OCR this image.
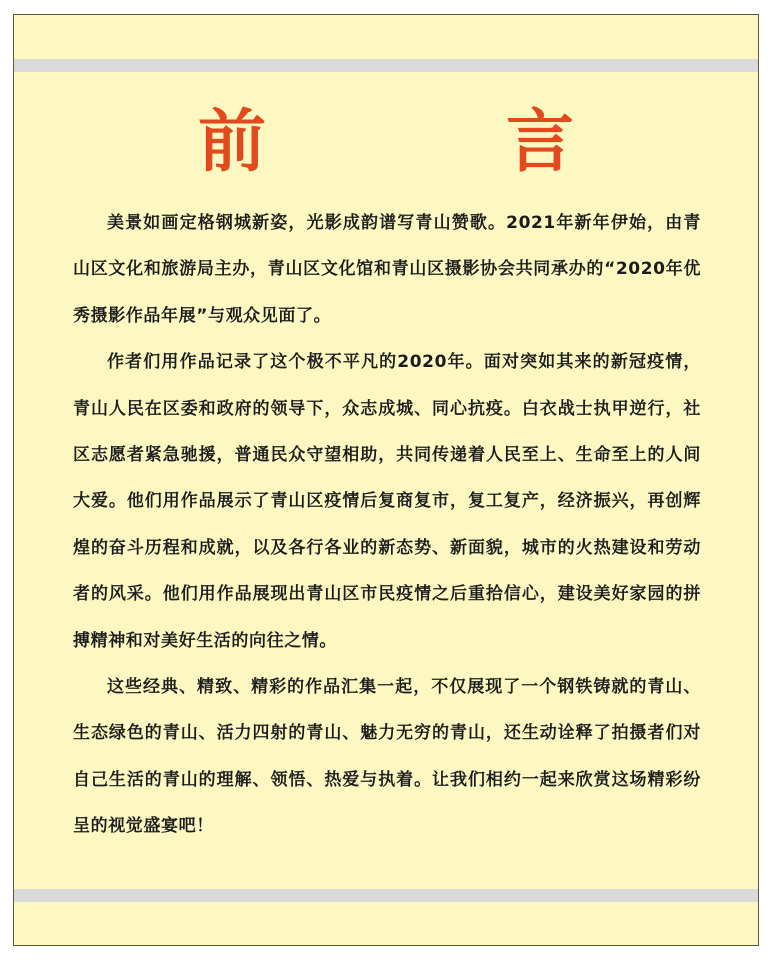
前　言

美景如画定格钢城新姿，光影成韵谱写青山赞歌。2021年新年伊始，由青山区文化和旅游局主办，青山区文化馆和青山区摄影协会共同承办的“2020年优秀摄影作品年展”与观众见面了。

作者们用作品记录了这个极不平凡的2020年。面对突如其来的新冠疫情，青山人民在区委和政府的领导下，众志成城、同心抗疫。白衣战士执甲逆行，社区志愿者紧急驰援，普通民众守望相助，共同传递着人民至上、生命至上的人间大爱。他们用作品展示了青山区疫情后复商复市，复工复产，经济振兴，再创辉煌的奋斗历程和成就，以及各行各业的新态势、新面貌，城市的火热建设和劳动者的风采。他们用作品展现出青山区市民疫情之后重拾信心，建设美好家园的拼搏精神和对美好生活的向往之情。

这些经典、精致、精彩的作品汇集一起，不仅展现了一个钢铁铸就的青山、生态绿色的青山、活力四射的青山、魅力无穷的青山，还生动诠释了拍摄者们对自己生活的青山的理解、领悟、热爱与执着。让我们相约一起来欣赏这场精彩纷呈的视觉盛宴吧！
